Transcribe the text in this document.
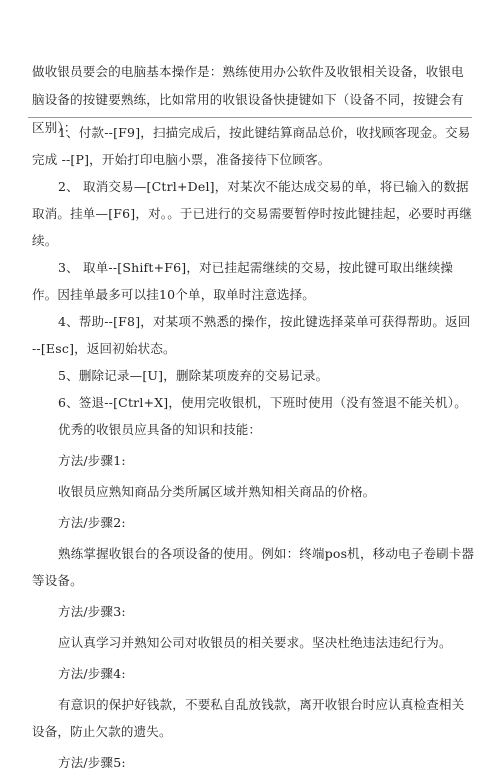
做收银员要会的电脑基本操作是：熟练使用办公软件及收银相关设备，收银电脑设备的按键要熟练，比如常用的收银设备快捷键如下（设备不同，按键会有区别）：

1、付款--[F9]，扫描完成后，按此键结算商品总价，收找顾客现金。交易完成 --[P]，开始打印电脑小票，准备接待下位顾客。

2、 取消交易—[Ctrl+Del]，对某次不能达成交易的单，将已输入的数据取消。挂单—[F6]，对。。于已进行的交易需要暂停时按此键挂起，必要时再继续。

3、 取单--[Shift+F6]，对已挂起需继续的交易，按此键可取出继续操作。因挂单最多可以挂10个单，取单时注意选择。

4、帮助--[F8]，对某项不熟悉的操作，按此键选择菜单可获得帮助。返回 --[Esc]，返回初始状态。

5、删除记录—[U]，删除某项废弃的交易记录。

6、签退--[Ctrl+X]，使用完收银机，下班时使用（没有签退不能关机）。

优秀的收银员应具备的知识和技能：

方法/步骤1:

收银员应熟知商品分类所属区域并熟知相关商品的价格。

方法/步骤2:

熟练掌握收银台的各项设备的使用。例如：终端pos机，移动电子卷刷卡器等设备。

方法/步骤3:

应认真学习并熟知公司对收银员的相关要求。坚决杜绝违法违纪行为。

方法/步骤4:

有意识的保护好钱款，不要私自乱放钱款，离开收银台时应认真检查相关设备，防止欠款的遗失。

方法/步骤5:
